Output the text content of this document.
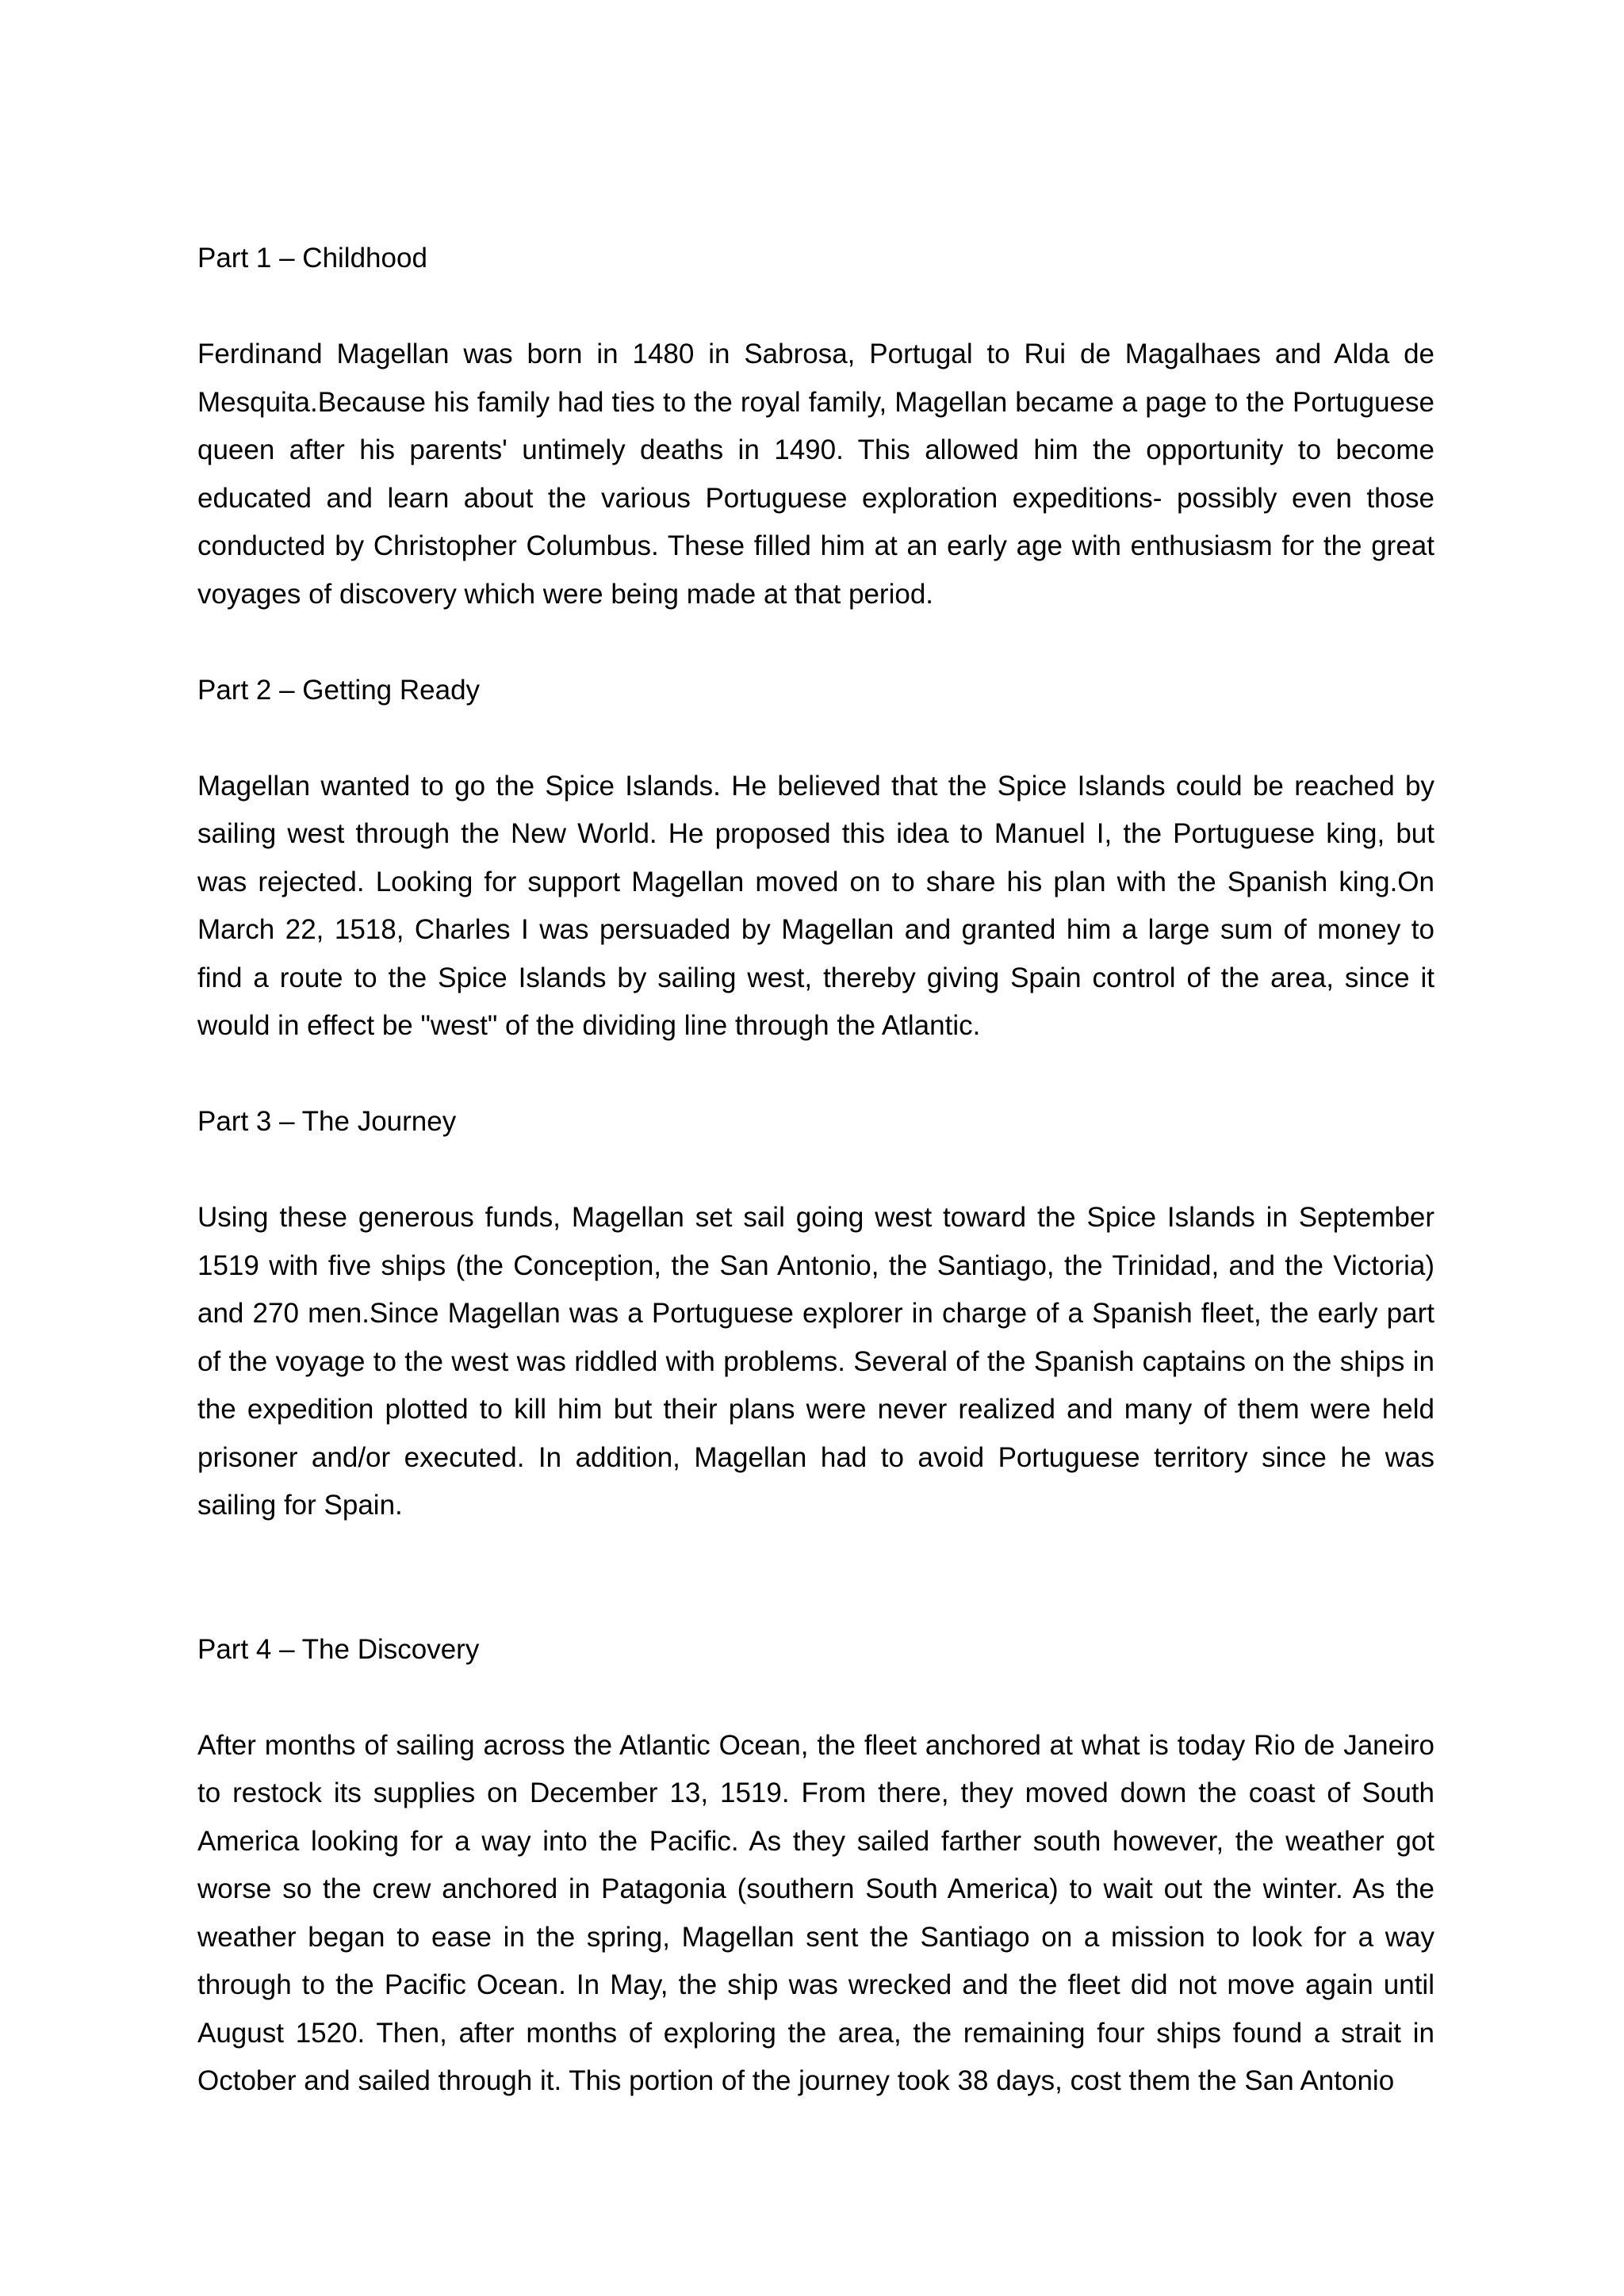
Part 1 – Childhood

Ferdinand Magellan was born in 1480 in Sabrosa, Portugal to Rui de Magalhaes and Alda de Mesquita.Because his family had ties to the royal family, Magellan became a page to the Portuguese queen after his parents' untimely deaths in 1490. This allowed him the opportunity to become educated and learn about the various Portuguese exploration expeditions- possibly even those conducted by Christopher Columbus. These filled him at an early age with enthusiasm for the great voyages of discovery which were being made at that period.

Part 2 – Getting Ready

Magellan wanted to go the Spice Islands. He believed that the Spice Islands could be reached by sailing west through the New World. He proposed this idea to Manuel I, the Portuguese king, but was rejected. Looking for support Magellan moved on to share his plan with the Spanish king.On March 22, 1518, Charles I was persuaded by Magellan and granted him a large sum of money to find a route to the Spice Islands by sailing west, thereby giving Spain control of the area, since it would in effect be "west" of the dividing line through the Atlantic.

Part 3 – The Journey

Using these generous funds, Magellan set sail going west toward the Spice Islands in September 1519 with five ships (the Conception, the San Antonio, the Santiago, the Trinidad, and the Victoria) and 270 men.Since Magellan was a Portuguese explorer in charge of a Spanish fleet, the early part of the voyage to the west was riddled with problems. Several of the Spanish captains on the ships in the expedition plotted to kill him but their plans were never realized and many of them were held prisoner and/or executed. In addition, Magellan had to avoid Portuguese territory since he was sailing for Spain.

Part 4 – The Discovery

After months of sailing across the Atlantic Ocean, the fleet anchored at what is today Rio de Janeiro to restock its supplies on December 13, 1519. From there, they moved down the coast of South America looking for a way into the Pacific. As they sailed farther south however, the weather got worse so the crew anchored in Patagonia (southern South America) to wait out the winter. As the weather began to ease in the spring, Magellan sent the Santiago on a mission to look for a way through to the Pacific Ocean. In May, the ship was wrecked and the fleet did not move again until August 1520. Then, after months of exploring the area, the remaining four ships found a strait in October and sailed through it. This portion of the journey took 38 days, cost them the San Antonio
